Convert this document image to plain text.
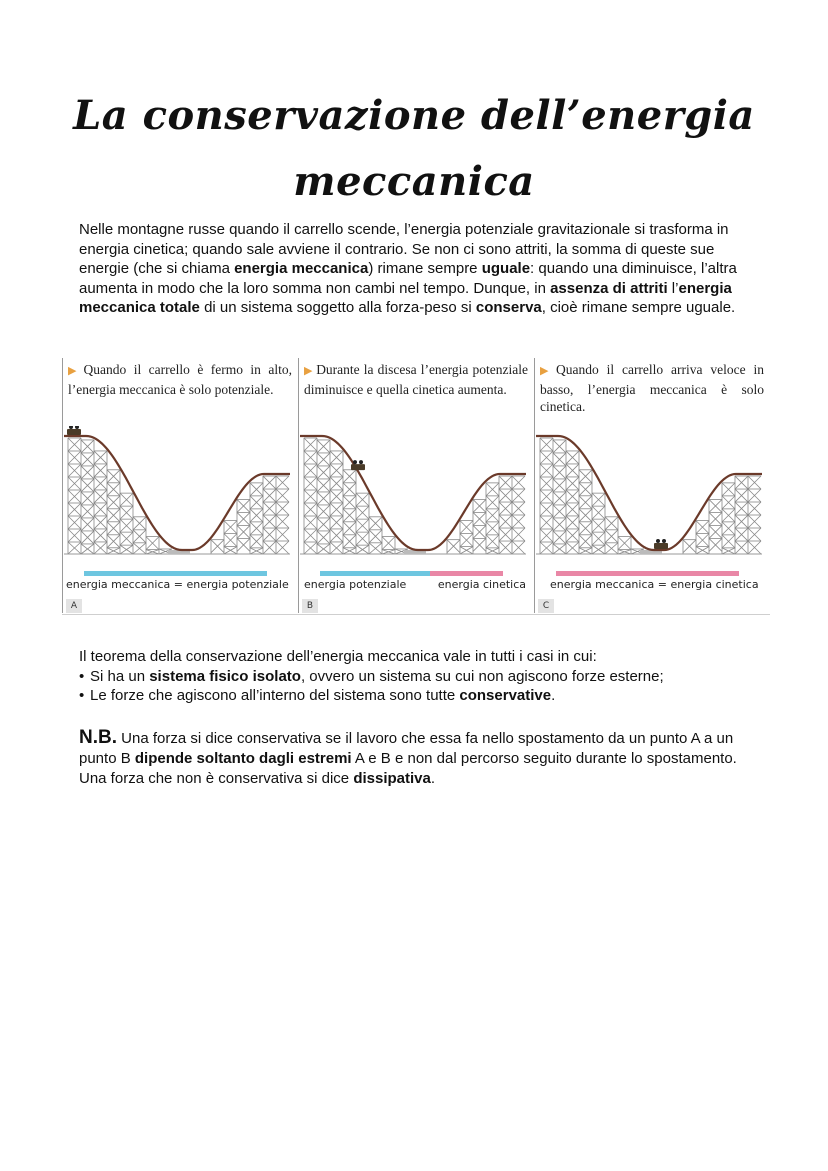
La conservazione dell’energia
meccanica

Nelle montagne russe quando il carrello scende, l’energia potenziale gravitazionale si trasforma in energia cinetica; quando sale avviene il contrario. Se non ci sono attriti, la somma di queste sue energie (che si chiama energia meccanica) rimane sempre uguale: quando una diminuisce, l’altra aumenta in modo che la loro somma non cambi nel tempo. Dunque, in assenza di attriti l’energia meccanica totale di un sistema soggetto alla forza-peso si conserva, cioè rimane sempre uguale.

▶ Quando il carrello è fermo in alto, l’energia meccanica è solo potenziale.

energia meccanica = energia potenziale
A

▶ Durante la discesa l’energia potenziale diminuisce e quella cinetica aumenta.

energia potenziale	energia cinetica
B

▶ Quando il carrello arriva veloce in basso, l’energia meccanica è solo cinetica.

energia meccanica = energia cinetica
C

Il teorema della conservazione dell’energia meccanica vale in tutti i casi in cui:

• Si ha un sistema fisico isolato, ovvero un sistema su cui non agiscono forze esterne;
• Le forze che agiscono all’interno del sistema sono tutte conservative.

N.B. Una forza si dice conservativa se il lavoro che essa fa nello spostamento da un punto A a un punto B dipende soltanto dagli estremi A e B e non dal percorso seguito durante lo spostamento. Una forza che non è conservativa si dice dissipativa.
